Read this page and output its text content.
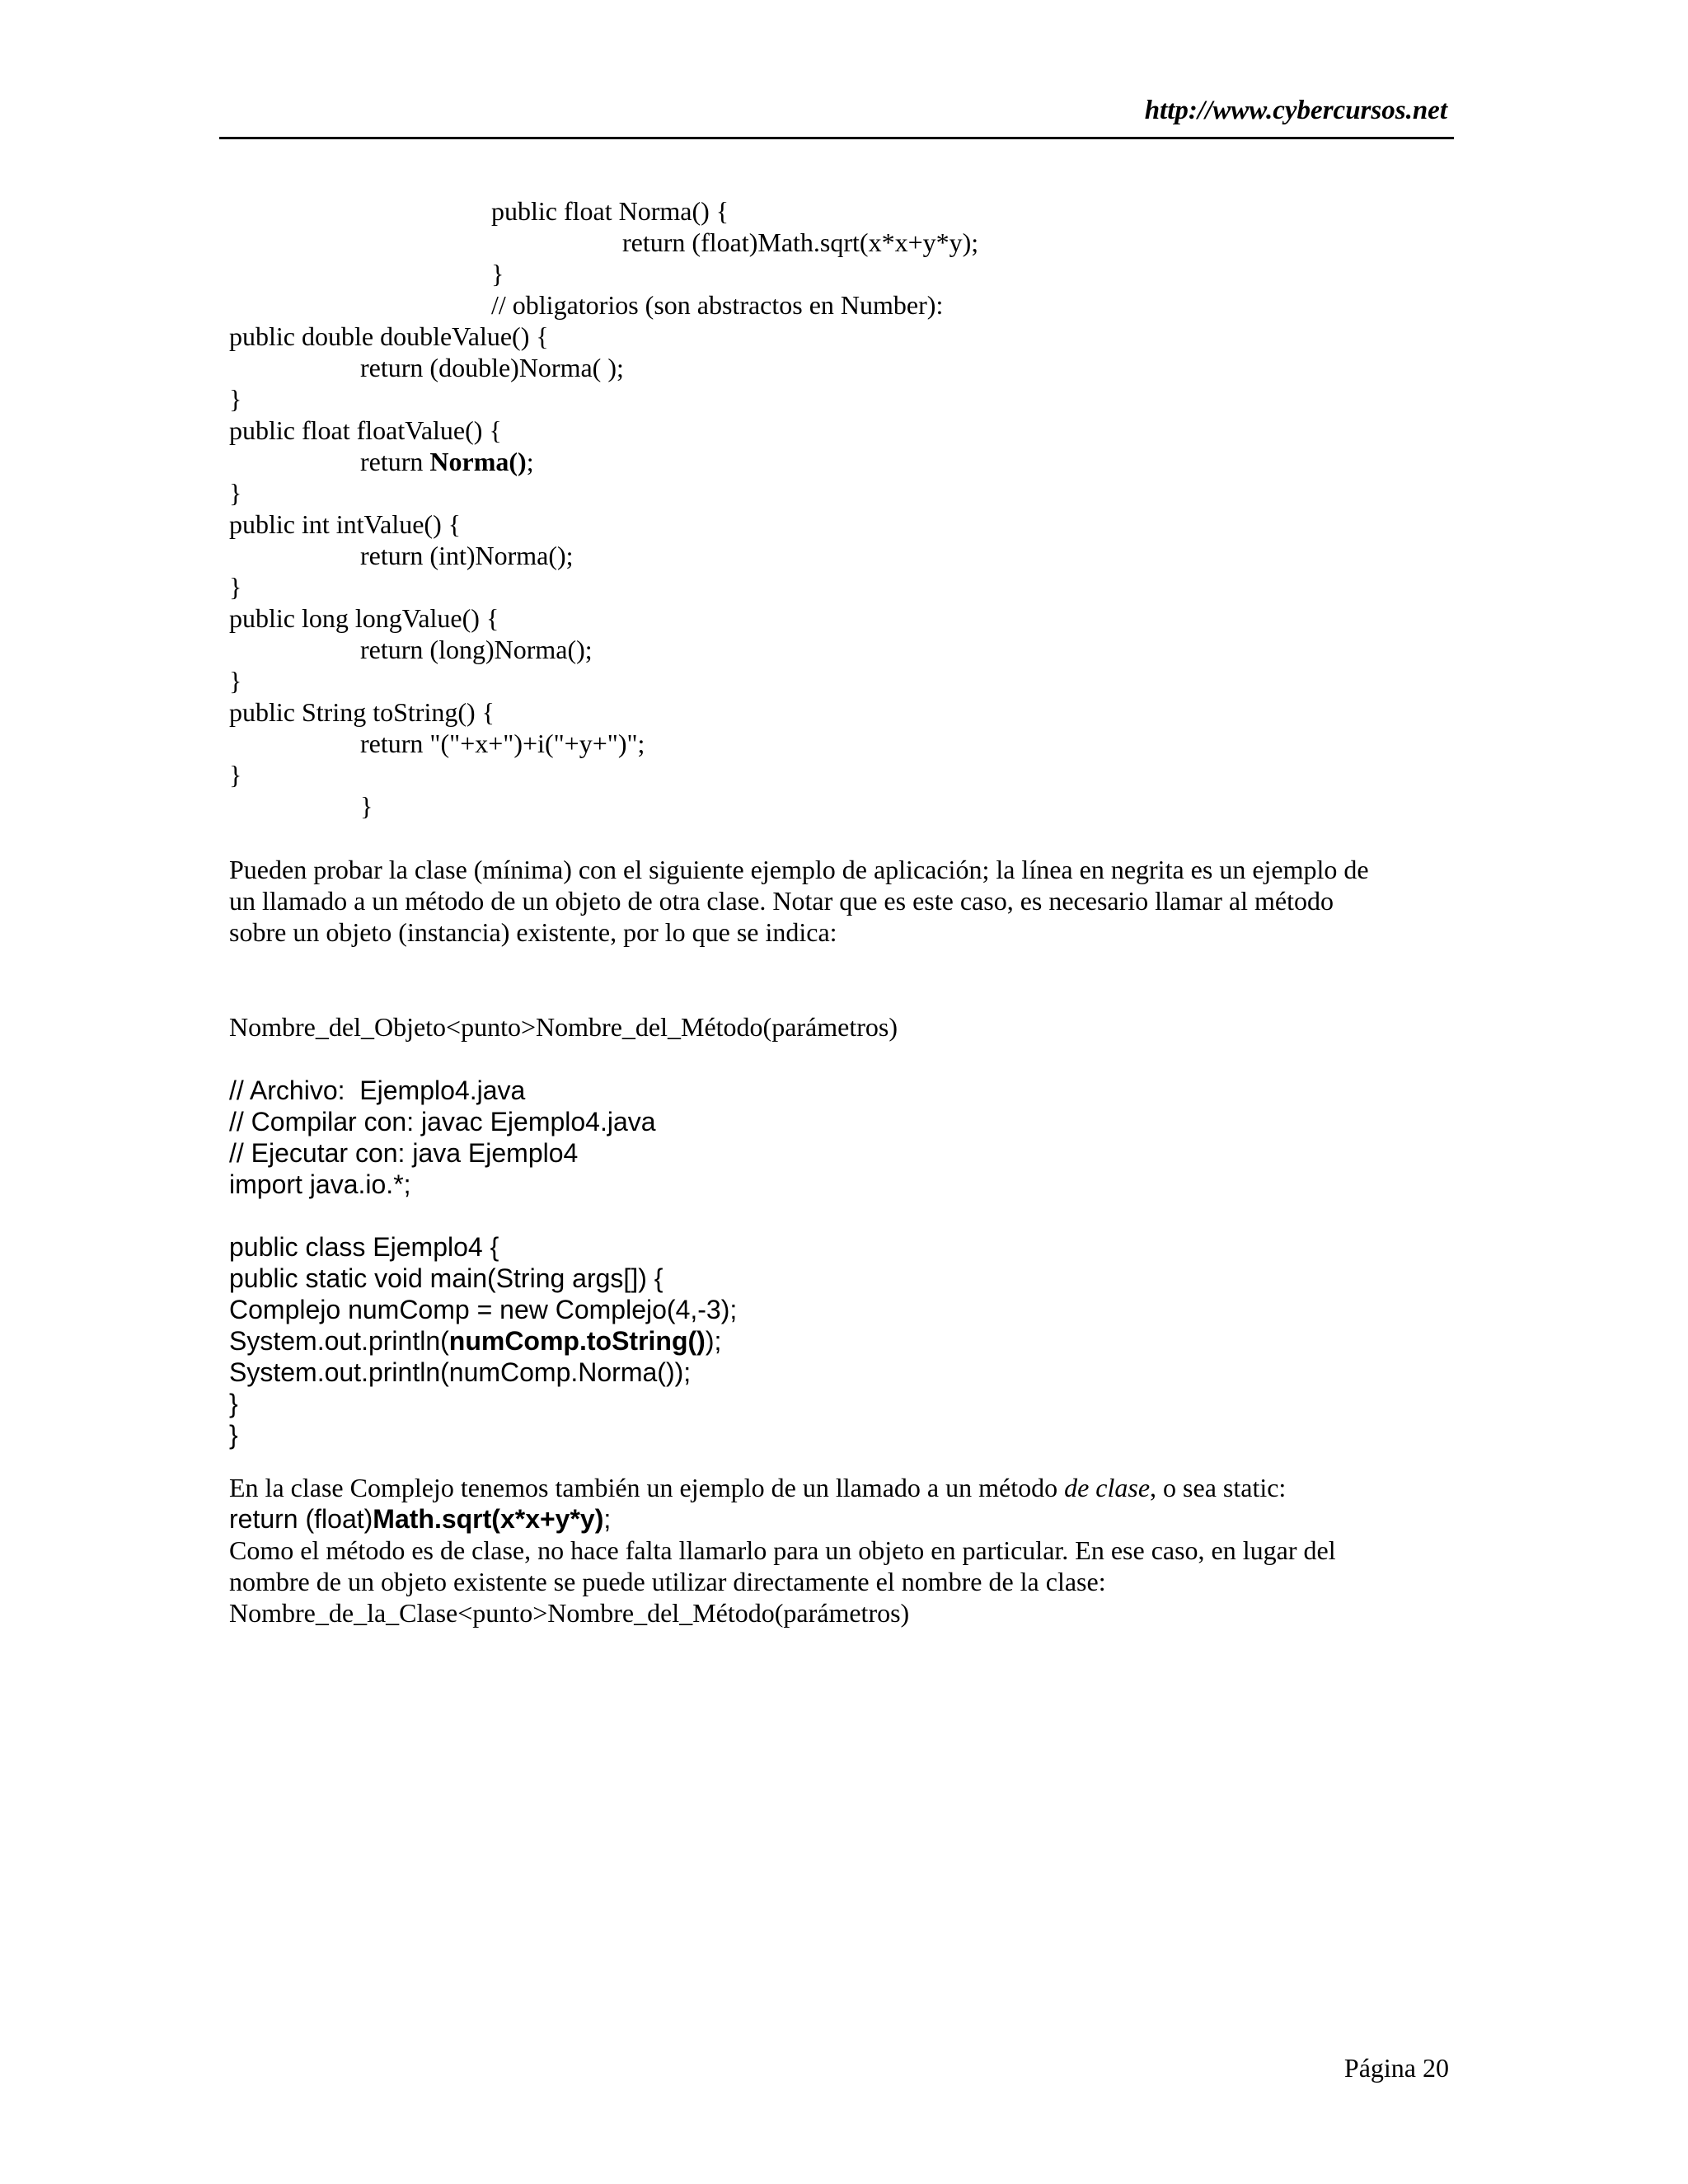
http://www.cybercursos.net
public float Norma() {
return (float)Math.sqrt(x*x+y*y);
}
// obligatorios (son abstractos en Number):
public double doubleValue() {
return (double)Norma( );
}
public float floatValue() {
return Norma();
}
public int intValue() {
return (int)Norma();
}
public long longValue() {
return (long)Norma();
}
public String toString() {
return "("+x+")+i("+y+")";
}
}
Pueden probar la clase (mínima) con el siguiente ejemplo de aplicación; la línea en negrita es un ejemplo de
un llamado a un método de un objeto de otra clase. Notar que es este caso, es necesario llamar al método
sobre un objeto (instancia) existente, por lo que se indica:
Nombre_del_Objeto<punto>Nombre_del_Método(parámetros)
// Archivo:  Ejemplo4.java
// Compilar con: javac Ejemplo4.java
// Ejecutar con: java Ejemplo4
import java.io.*;
public class Ejemplo4 {
public static void main(String args[]) {
Complejo numComp = new Complejo(4,-3);
System.out.println(numComp.toString());
System.out.println(numComp.Norma());
}
}
En la clase Complejo tenemos también un ejemplo de un llamado a un método de clase, o sea static:
return (float)Math.sqrt(x*x+y*y);
Como el método es de clase, no hace falta llamarlo para un objeto en particular. En ese caso, en lugar del
nombre de un objeto existente se puede utilizar directamente el nombre de la clase:
Nombre_de_la_Clase<punto>Nombre_del_Método(parámetros)
Página 20
